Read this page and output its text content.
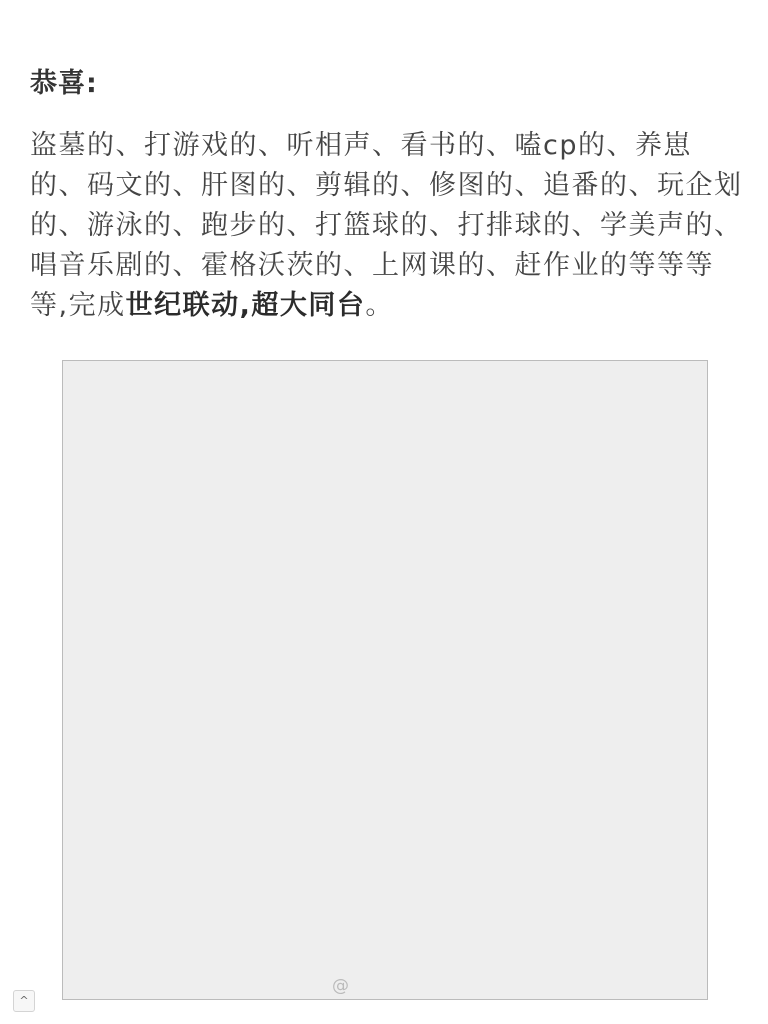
恭喜:

盗墓的、打游戏的、听相声、看书的、嗑cp的、养崽的、码文的、肝图的、剪辑的、修图的、追番的、玩企划的、游泳的、跑步的、打篮球的、打排球的、学美声的、唱音乐剧的、霍格沃茨的、上网课的、赶作业的等等等等,完成世纪联动,超大同台。

@
^
